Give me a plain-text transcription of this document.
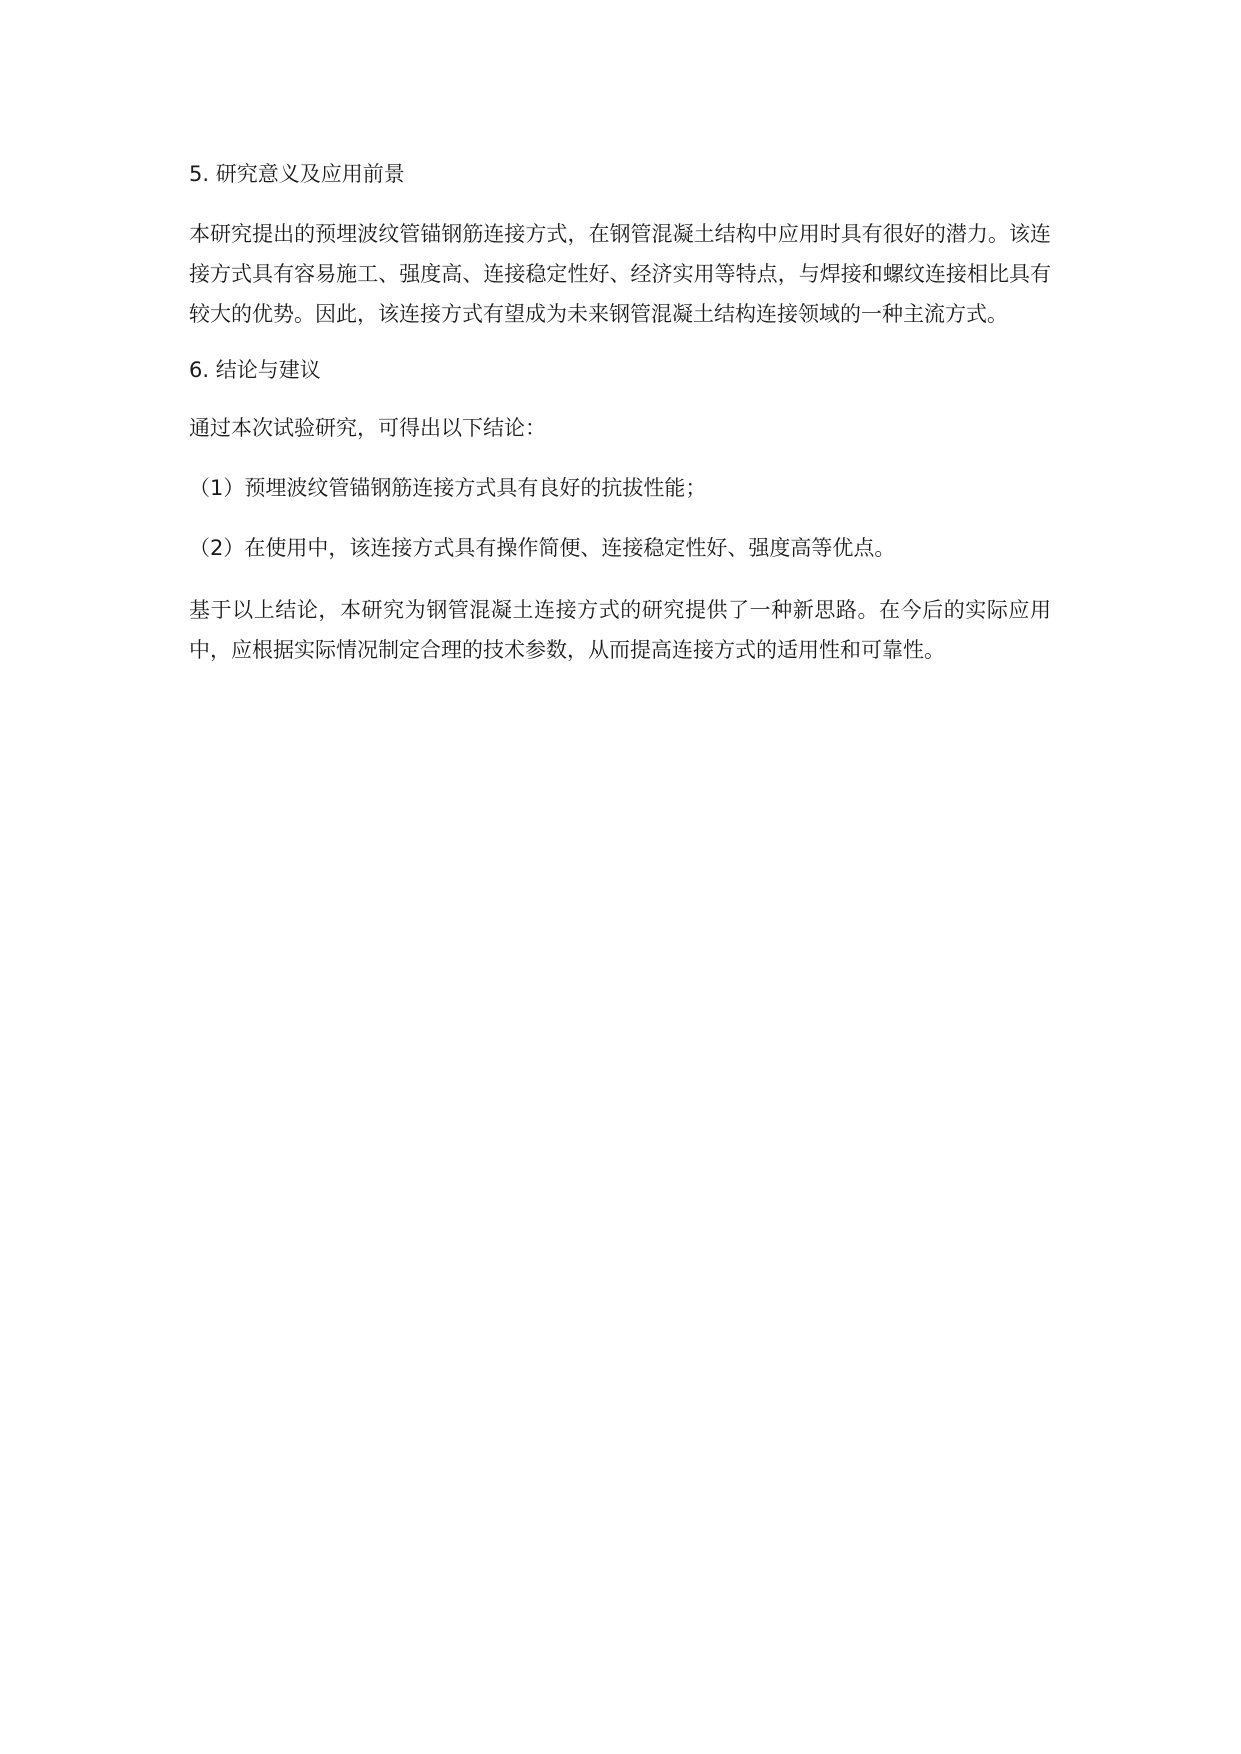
5. 研究意义及应用前景

本研究提出的预埋波纹管锚钢筋连接方式，在钢管混凝土结构中应用时具有很好的潜力。该连接方式具有容易施工、强度高、连接稳定性好、经济实用等特点，与焊接和螺纹连接相比具有较大的优势。因此，该连接方式有望成为未来钢管混凝土结构连接领域的一种主流方式。

6. 结论与建议

通过本次试验研究，可得出以下结论：

（1）预埋波纹管锚钢筋连接方式具有良好的抗拔性能；

（2）在使用中，该连接方式具有操作简便、连接稳定性好、强度高等优点。

基于以上结论，本研究为钢管混凝土连接方式的研究提供了一种新思路。在今后的实际应用中，应根据实际情况制定合理的技术参数，从而提高连接方式的适用性和可靠性。
